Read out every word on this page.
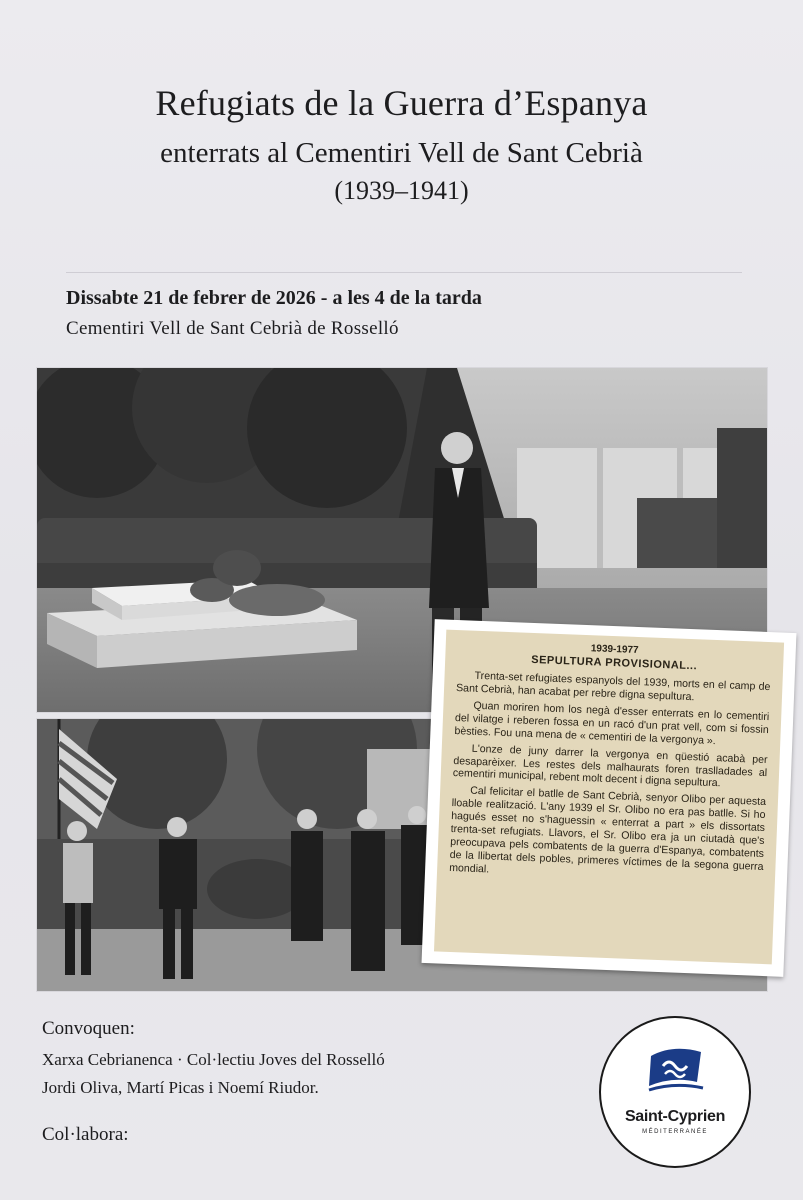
Refugiats de la Guerra d’Espanya
enterrats al Cementiri Vell de Sant Cebrià
(1939–1941)

Dissabte 21 de febrer de 2026 - a les 4 de la tarda

Cementiri Vell de Sant Cebrià de Rosselló

1939-1977

SEPULTURA PROVISIONAL...

Trenta-set refugiates espanyols del 1939, morts en el camp de Sant Cebrià, han acabat per rebre digna sepultura.

Quan moriren hom los negà d'esser enterrats en lo cementiri del vilatge i reberen fossa en un racó d'un prat vell, com si fossin bèsties. Fou una mena de « cementiri de la vergonya ».

L'onze de juny darrer la vergonya en qüestió acabà per desaparèixer. Les restes dels malhaurats foren traslladades al cementiri municipal, rebent molt decent i digna sepultura.

Cal felicitar el batlle de Sant Cebrià, senyor Olibo per aquesta lloable realització. L'any 1939 el Sr. Olibo no era pas batlle. Si ho hagués esset no s'haguessin « enterrat a part » els dissortats trenta-set refugiats. Llavors, el Sr. Olibo era ja un ciutadà que's preocupava pels combatents de la guerra d'Espanya, combatents de la llibertat dels pobles, primeres víctimes de la segona guerra mondial.

Convoquen:

Xarxa Cebrianenca · Col·lectiu Joves del Rosselló

Jordi Oliva, Martí Picas i Noemí Riudor.

Col·labora:

Saint-Cyprien

MÉDITERRANÉE
